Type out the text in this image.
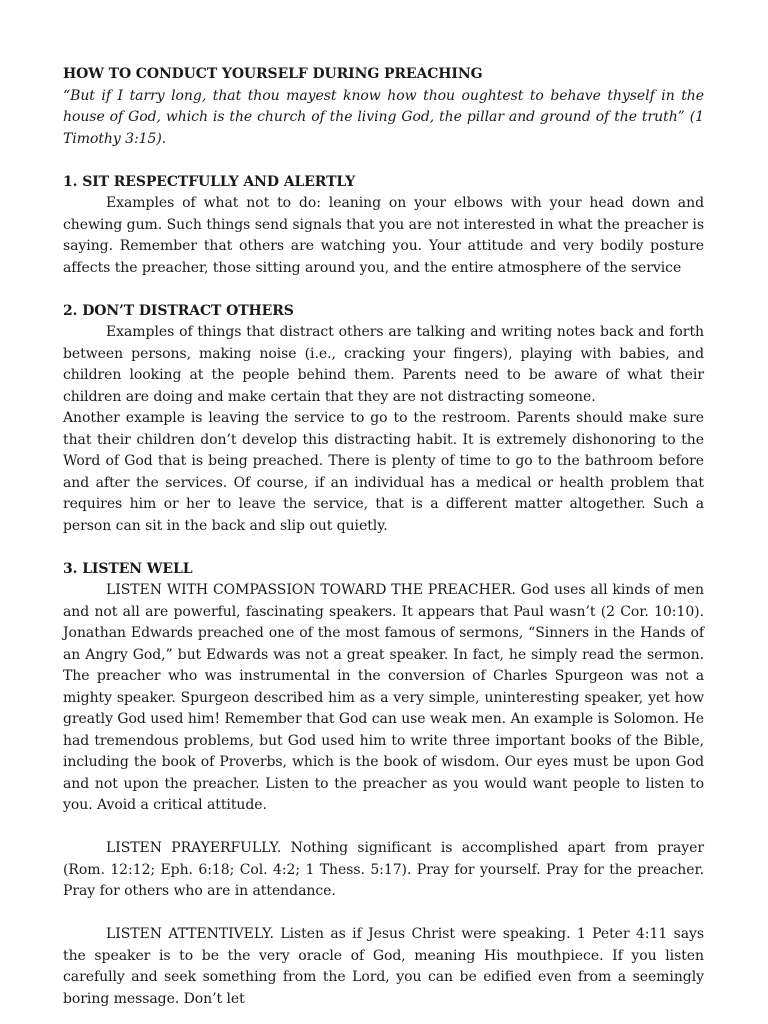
HOW TO CONDUCT YOURSELF DURING PREACHING

“But if I tarry long, that thou mayest know how thou oughtest to behave thyself in the house of God, which is the church of the living God, the pillar and ground of the truth” (1 Timothy 3:15).

1. SIT RESPECTFULLY AND ALERTLY

Examples of what not to do: leaning on your elbows with your head down and chewing gum. Such things send signals that you are not interested in what the preacher is saying. Remember that others are watching you. Your attitude and very bodily posture affects the preacher, those sitting around you, and the entire atmosphere of the service

2. DON’T DISTRACT OTHERS

Examples of things that distract others are talking and writing notes back and forth between persons, making noise (i.e., cracking your fingers), playing with babies, and children looking at the people behind them. Parents need to be aware of what their children are doing and make certain that they are not distracting someone.

Another example is leaving the service to go to the restroom. Parents should make sure that their children don’t develop this distracting habit. It is extremely dishonoring to the Word of God that is being preached. There is plenty of time to go to the bathroom before and after the services. Of course, if an individual has a medical or health problem that requires him or her to leave the service, that is a different matter altogether. Such a person can sit in the back and slip out quietly.

3. LISTEN WELL

LISTEN WITH COMPASSION TOWARD THE PREACHER. God uses all kinds of men and not all are powerful, fascinating speakers. It appears that Paul wasn’t (2 Cor. 10:10). Jonathan Edwards preached one of the most famous of sermons, “Sinners in the Hands of an Angry God,” but Edwards was not a great speaker. In fact, he simply read the sermon. The preacher who was instrumental in the conversion of Charles Spurgeon was not a mighty speaker. Spurgeon described him as a very simple, uninteresting speaker, yet how greatly God used him! Remember that God can use weak men. An example is Solomon. He had tremendous problems, but God used him to write three important books of the Bible, including the book of Proverbs, which is the book of wisdom. Our eyes must be upon God and not upon the preacher. Listen to the preacher as you would want people to listen to you. Avoid a critical attitude.

LISTEN PRAYERFULLY. Nothing significant is accomplished apart from prayer (Rom. 12:12; Eph. 6:18; Col. 4:2; 1 Thess. 5:17). Pray for yourself. Pray for the preacher. Pray for others who are in attendance.

LISTEN ATTENTIVELY. Listen as if Jesus Christ were speaking. 1 Peter 4:11 says the speaker is to be the very oracle of God, meaning His mouthpiece. If you listen carefully and seek something from the Lord, you can be edified even from a seemingly boring message. Don’t let
